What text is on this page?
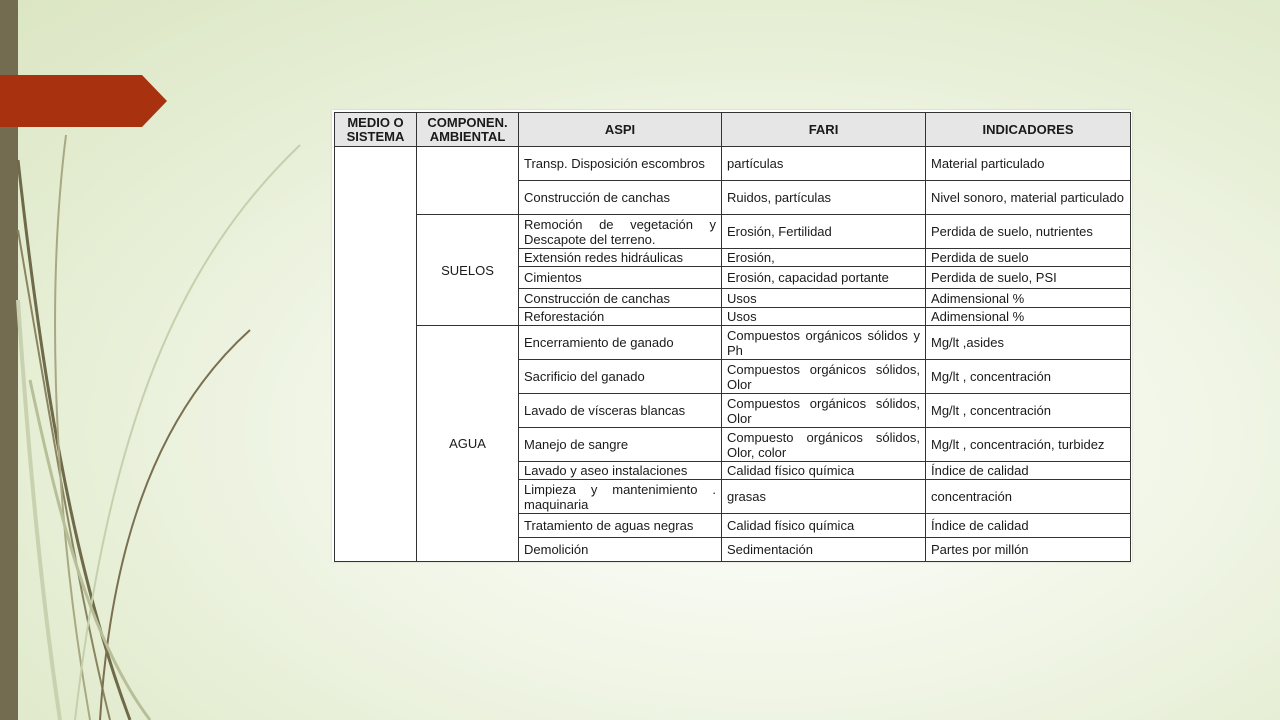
MEDIO O SISTEMA	COMPONEN. AMBIENTAL	ASPI	FARI	INDICADORES
		Transp. Disposición escombros	partículas	Material particulado
		Construcción de canchas	Ruidos, partículas	Nivel sonoro, material particulado
	SUELOS	Remoción de vegetación y Descapote del terreno.	Erosión, Fertilidad	Perdida de suelo, nutrientes
		Extensión redes hidráulicas	Erosión,	Perdida de suelo
		Cimientos	Erosión, capacidad portante	Perdida de suelo, PSI
		Construcción de canchas	Usos	Adimensional %
		Reforestación	Usos	Adimensional %
	AGUA	Encerramiento de ganado	Compuestos orgánicos sólidos y Ph	Mg/lt ,asides
		Sacrificio del ganado	Compuestos orgánicos sólidos, Olor	Mg/lt , concentración
		Lavado de vísceras blancas	Compuestos orgánicos sólidos, Olor	Mg/lt , concentración
		Manejo de sangre	Compuesto orgánicos sólidos, Olor, color	Mg/lt , concentración, turbidez
		Lavado y aseo instalaciones	Calidad físico química	Índice de calidad
		Limpieza y mantenimiento . maquinaria	grasas	concentración
		Tratamiento de aguas negras	Calidad físico química	Índice de calidad
		Demolición	Sedimentación	Partes por millón
